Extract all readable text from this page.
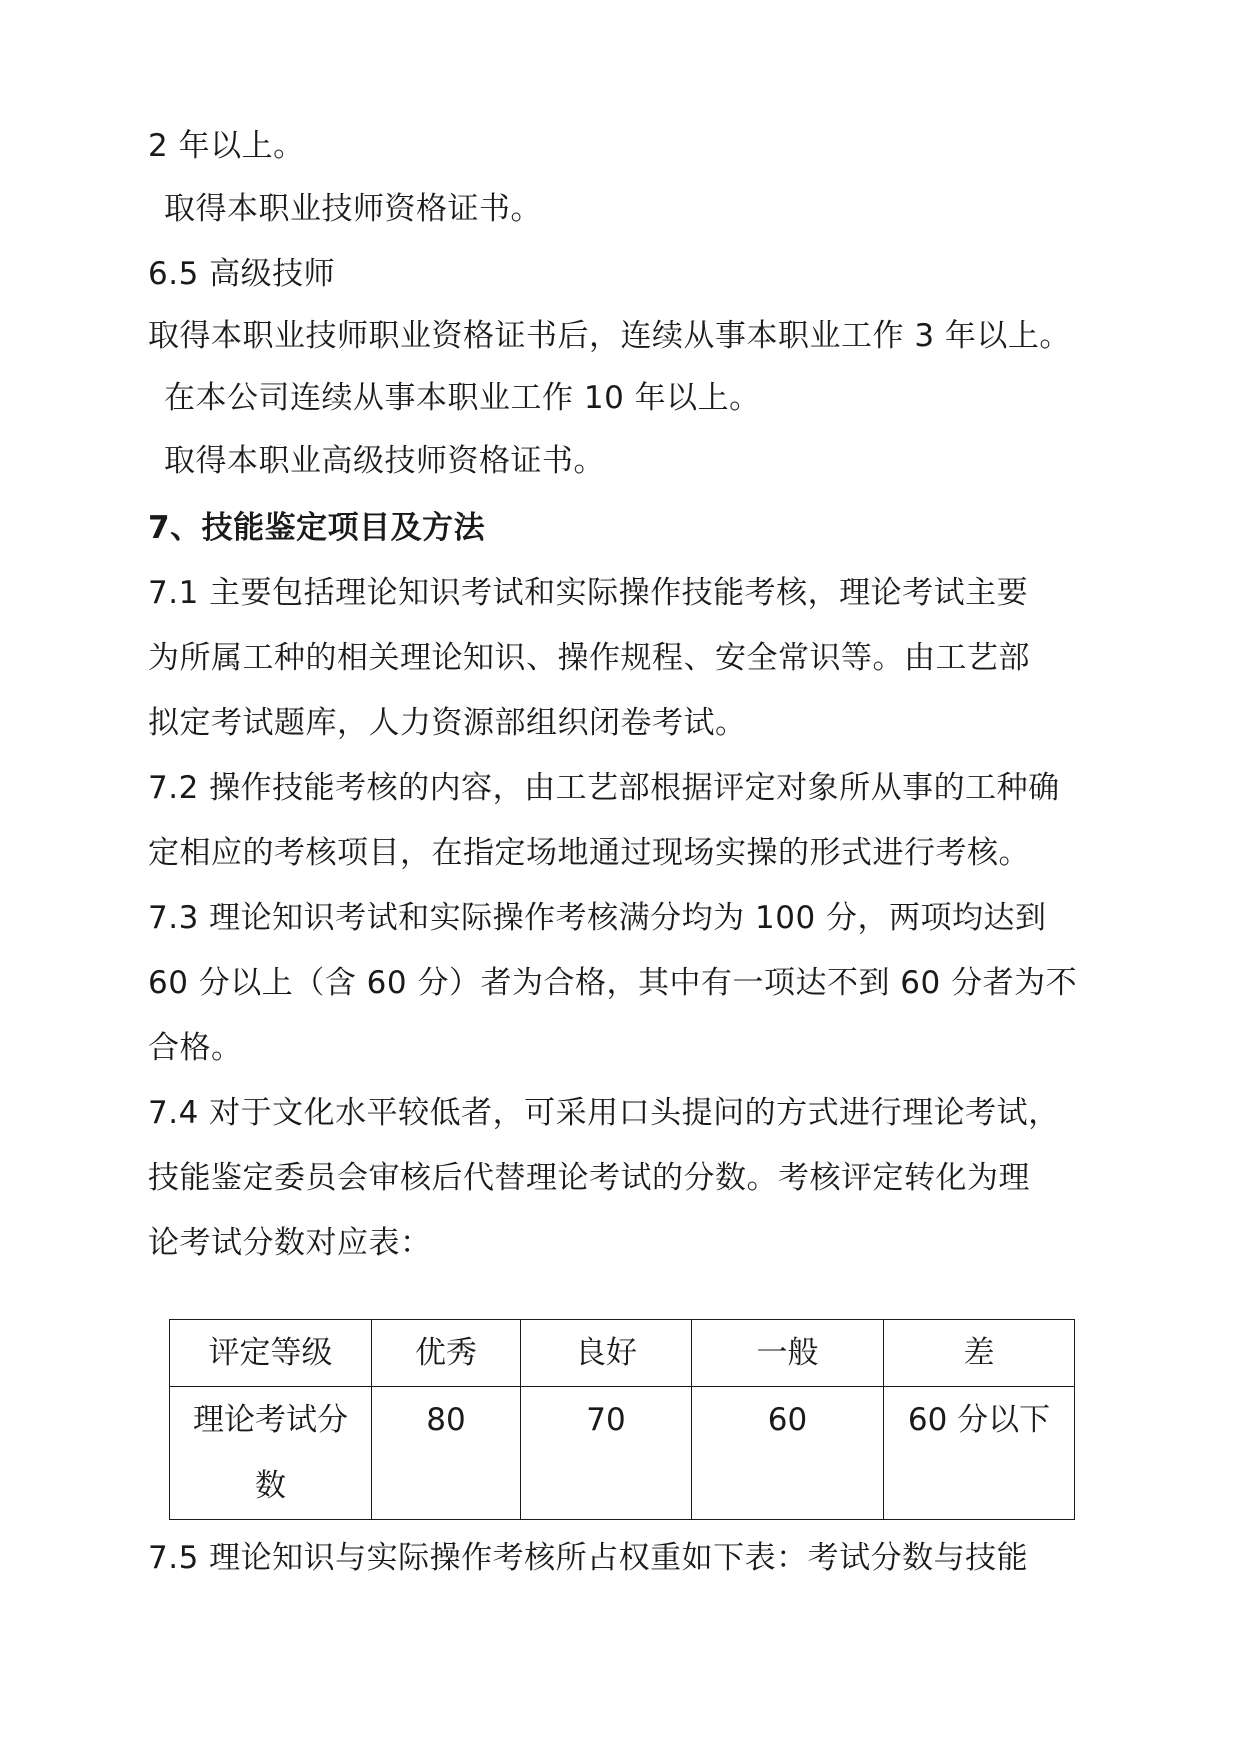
2 年以上。

取得本职业技师资格证书。

6.5 高级技师

取得本职业技师职业资格证书后，连续从事本职业工作 3 年以上。

在本公司连续从事本职业工作 10 年以上。

取得本职业高级技师资格证书。

7、技能鉴定项目及方法

7.1 主要包括理论知识考试和实际操作技能考核，理论考试主要

为所属工种的相关理论知识、操作规程、安全常识等。由工艺部

拟定考试题库，人力资源部组织闭卷考试。

7.2 操作技能考核的内容，由工艺部根据评定对象所从事的工种确

定相应的考核项目，在指定场地通过现场实操的形式进行考核。

7.3 理论知识考试和实际操作考核满分均为 100 分，两项均达到

60 分以上（含 60 分）者为合格，其中有一项达不到 60 分者为不

合格。

7.4 对于文化水平较低者，可采用口头提问的方式进行理论考试，

技能鉴定委员会审核后代替理论考试的分数。考核评定转化为理

论考试分数对应表：

评定等级	优秀	良好	一般	差

理论考试分数	80	70	60	60 分以下

7.5 理论知识与实际操作考核所占权重如下表：考试分数与技能
